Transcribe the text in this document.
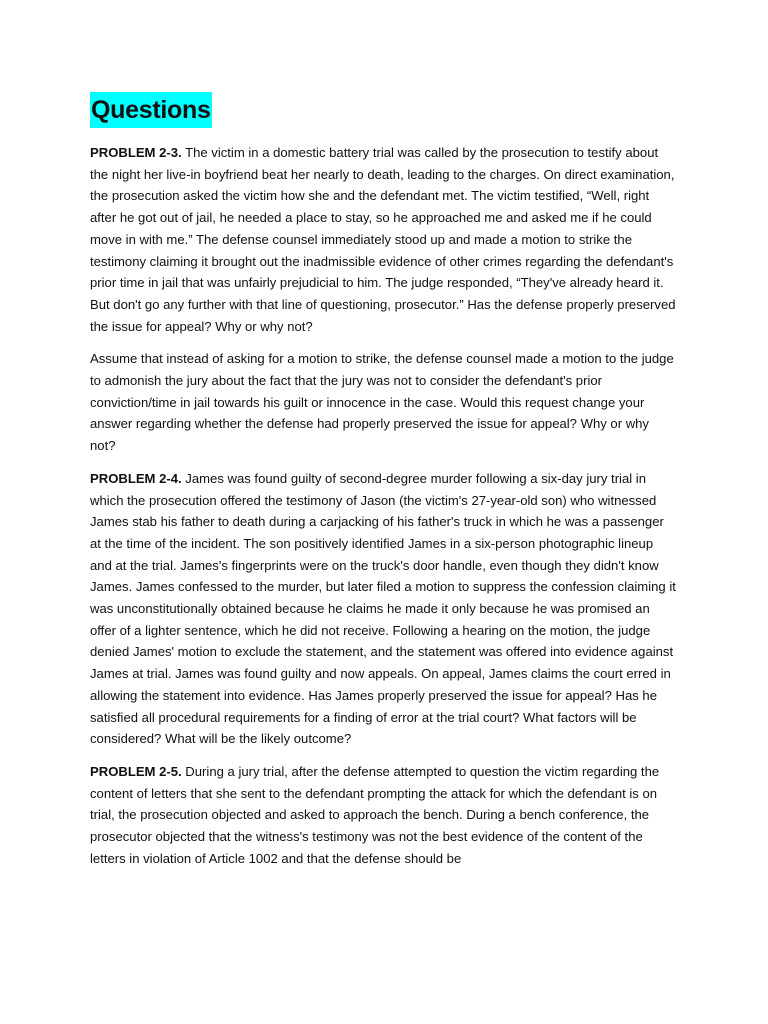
Questions

PROBLEM 2-3. The victim in a domestic battery trial was called by the prosecution to testify about the night her live-in boyfriend beat her nearly to death, leading to the charges. On direct examination, the prosecution asked the victim how she and the defendant met. The victim testified, “Well, right after he got out of jail, he needed a place to stay, so he approached me and asked me if he could move in with me.” The defense counsel immediately stood up and made a motion to strike the testimony claiming it brought out the inadmissible evidence of other crimes regarding the defendant's prior time in jail that was unfairly prejudicial to him. The judge responded, “They've already heard it. But don't go any further with that line of questioning, prosecutor.” Has the defense properly preserved the issue for appeal? Why or why not?

Assume that instead of asking for a motion to strike, the defense counsel made a motion to the judge to admonish the jury about the fact that the jury was not to consider the defendant's prior conviction/time in jail towards his guilt or innocence in the case. Would this request change your answer regarding whether the defense had properly preserved the issue for appeal? Why or why not?

PROBLEM 2-4. James was found guilty of second-degree murder following a six-day jury trial in which the prosecution offered the testimony of Jason (the victim's 27-year-old son) who witnessed James stab his father to death during a carjacking of his father's truck in which he was a passenger at the time of the incident. The son positively identified James in a six-person photographic lineup and at the trial. James's fingerprints were on the truck's door handle, even though they didn't know James. James confessed to the murder, but later filed a motion to suppress the confession claiming it was unconstitutionally obtained because he claims he made it only because he was promised an offer of a lighter sentence, which he did not receive. Following a hearing on the motion, the judge denied James' motion to exclude the statement, and the statement was offered into evidence against James at trial. James was found guilty and now appeals. On appeal, James claims the court erred in allowing the statement into evidence. Has James properly preserved the issue for appeal? Has he satisfied all procedural requirements for a finding of error at the trial court? What factors will be considered? What will be the likely outcome?

PROBLEM 2-5. During a jury trial, after the defense attempted to question the victim regarding the content of letters that she sent to the defendant prompting the attack for which the defendant is on trial, the prosecution objected and asked to approach the bench. During a bench conference, the prosecutor objected that the witness's testimony was not the best evidence of the content of the letters in violation of Article 1002 and that the defense should be
